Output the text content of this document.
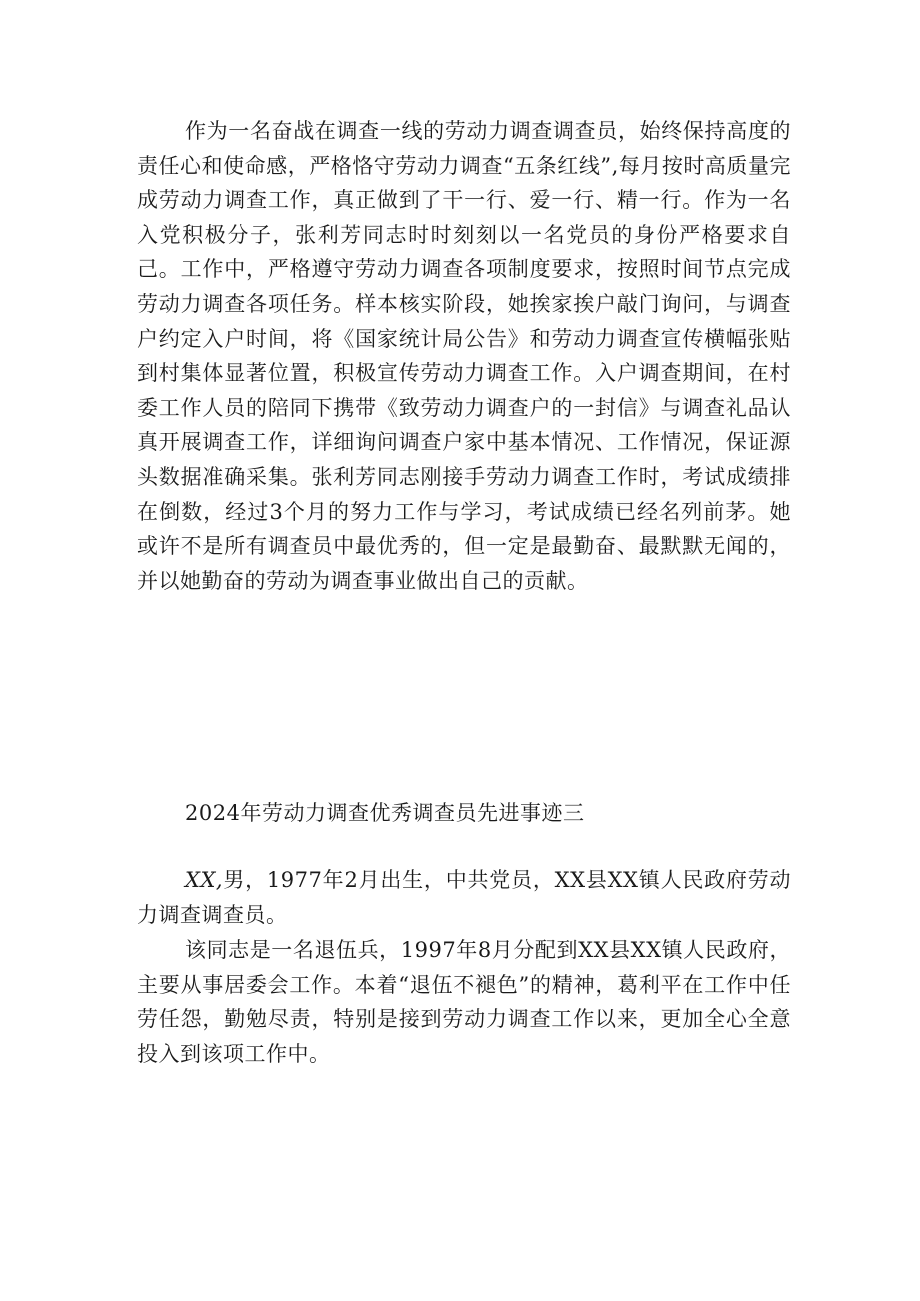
作为一名奋战在调查一线的劳动力调查调查员，始终保持高度的责任心和使命感，严格恪守劳动力调查“五条红线”,每月按时高质量完成劳动力调查工作，真正做到了干一行、爱一行、精一行。作为一名入党积极分子，张利芳同志时时刻刻以一名党员的身份严格要求自己。工作中，严格遵守劳动力调查各项制度要求，按照时间节点完成劳动力调查各项任务。样本核实阶段，她挨家挨户敲门询问，与调查户约定入户时间，将《国家统计局公告》和劳动力调查宣传横幅张贴到村集体显著位置，积极宣传劳动力调查工作。入户调查期间，在村委工作人员的陪同下携带《致劳动力调查户的一封信》与调查礼品认真开展调查工作，详细询问调查户家中基本情况、工作情况，保证源头数据准确采集。张利芳同志刚接手劳动力调查工作时，考试成绩排在倒数，经过3个月的努力工作与学习，考试成绩已经名列前茅。她或许不是所有调查员中最优秀的，但一定是最勤奋、最默默无闻的，并以她勤奋的劳动为调查事业做出自己的贡献。

2024年劳动力调查优秀调查员先进事迹三

XX,男，1977年2月出生，中共党员，XX县XX镇人民政府劳动力调查调查员。

该同志是一名退伍兵，1997年8月分配到XX县XX镇人民政府，主要从事居委会工作。本着“退伍不褪色”的精神，葛利平在工作中任劳任怨，勤勉尽责，特别是接到劳动力调查工作以来，更加全心全意投入到该项工作中。
